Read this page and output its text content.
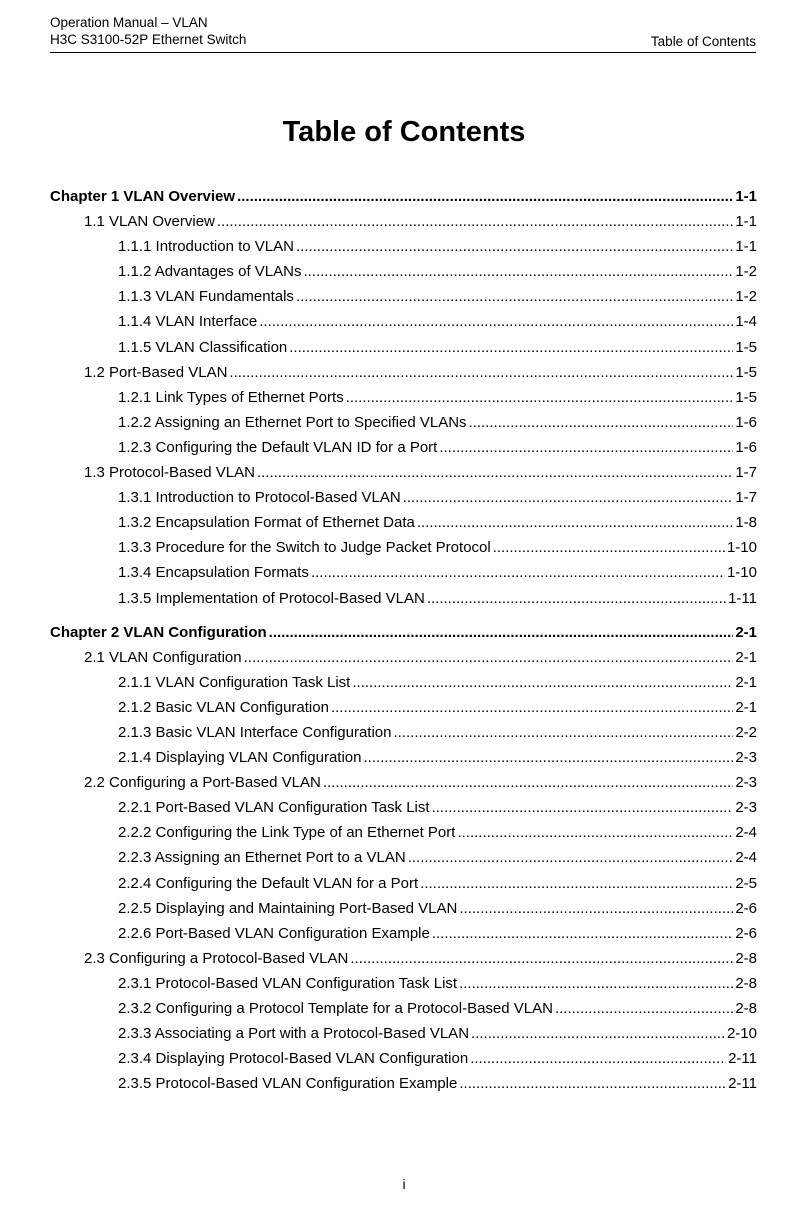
Operation Manual – VLAN
H3C S3100-52P Ethernet Switch	Table of Contents
Table of Contents
Chapter 1 VLAN Overview .....	1-1
1.1 VLAN Overview .....	1-1
1.1.1 Introduction to VLAN .....	1-1
1.1.2 Advantages of VLANs .....	1-2
1.1.3 VLAN Fundamentals .....	1-2
1.1.4 VLAN Interface .....	1-4
1.1.5 VLAN Classification .....	1-5
1.2 Port-Based VLAN .....	1-5
1.2.1 Link Types of Ethernet Ports .....	1-5
1.2.2 Assigning an Ethernet Port to Specified VLANs .....	1-6
1.2.3 Configuring the Default VLAN ID for a Port .....	1-6
1.3 Protocol-Based VLAN .....	1-7
1.3.1 Introduction to Protocol-Based VLAN .....	1-7
1.3.2 Encapsulation Format of Ethernet Data .....	1-8
1.3.3 Procedure for the Switch to Judge Packet Protocol .....	1-10
1.3.4 Encapsulation Formats .....	1-10
1.3.5 Implementation of Protocol-Based VLAN .....	1-11
Chapter 2 VLAN Configuration .....	2-1
2.1 VLAN Configuration .....	2-1
2.1.1 VLAN Configuration Task List .....	2-1
2.1.2 Basic VLAN Configuration .....	2-1
2.1.3 Basic VLAN Interface Configuration .....	2-2
2.1.4 Displaying VLAN Configuration .....	2-3
2.2 Configuring a Port-Based VLAN .....	2-3
2.2.1 Port-Based VLAN Configuration Task List .....	2-3
2.2.2 Configuring the Link Type of an Ethernet Port .....	2-4
2.2.3 Assigning an Ethernet Port to a VLAN .....	2-4
2.2.4 Configuring the Default VLAN for a Port .....	2-5
2.2.5 Displaying and Maintaining Port-Based VLAN .....	2-6
2.2.6 Port-Based VLAN Configuration Example .....	2-6
2.3 Configuring a Protocol-Based VLAN .....	2-8
2.3.1 Protocol-Based VLAN Configuration Task List .....	2-8
2.3.2 Configuring a Protocol Template for a Protocol-Based VLAN .....	2-8
2.3.3 Associating a Port with a Protocol-Based VLAN .....	2-10
2.3.4 Displaying Protocol-Based VLAN Configuration .....	2-11
2.3.5 Protocol-Based VLAN Configuration Example .....	2-11
i
